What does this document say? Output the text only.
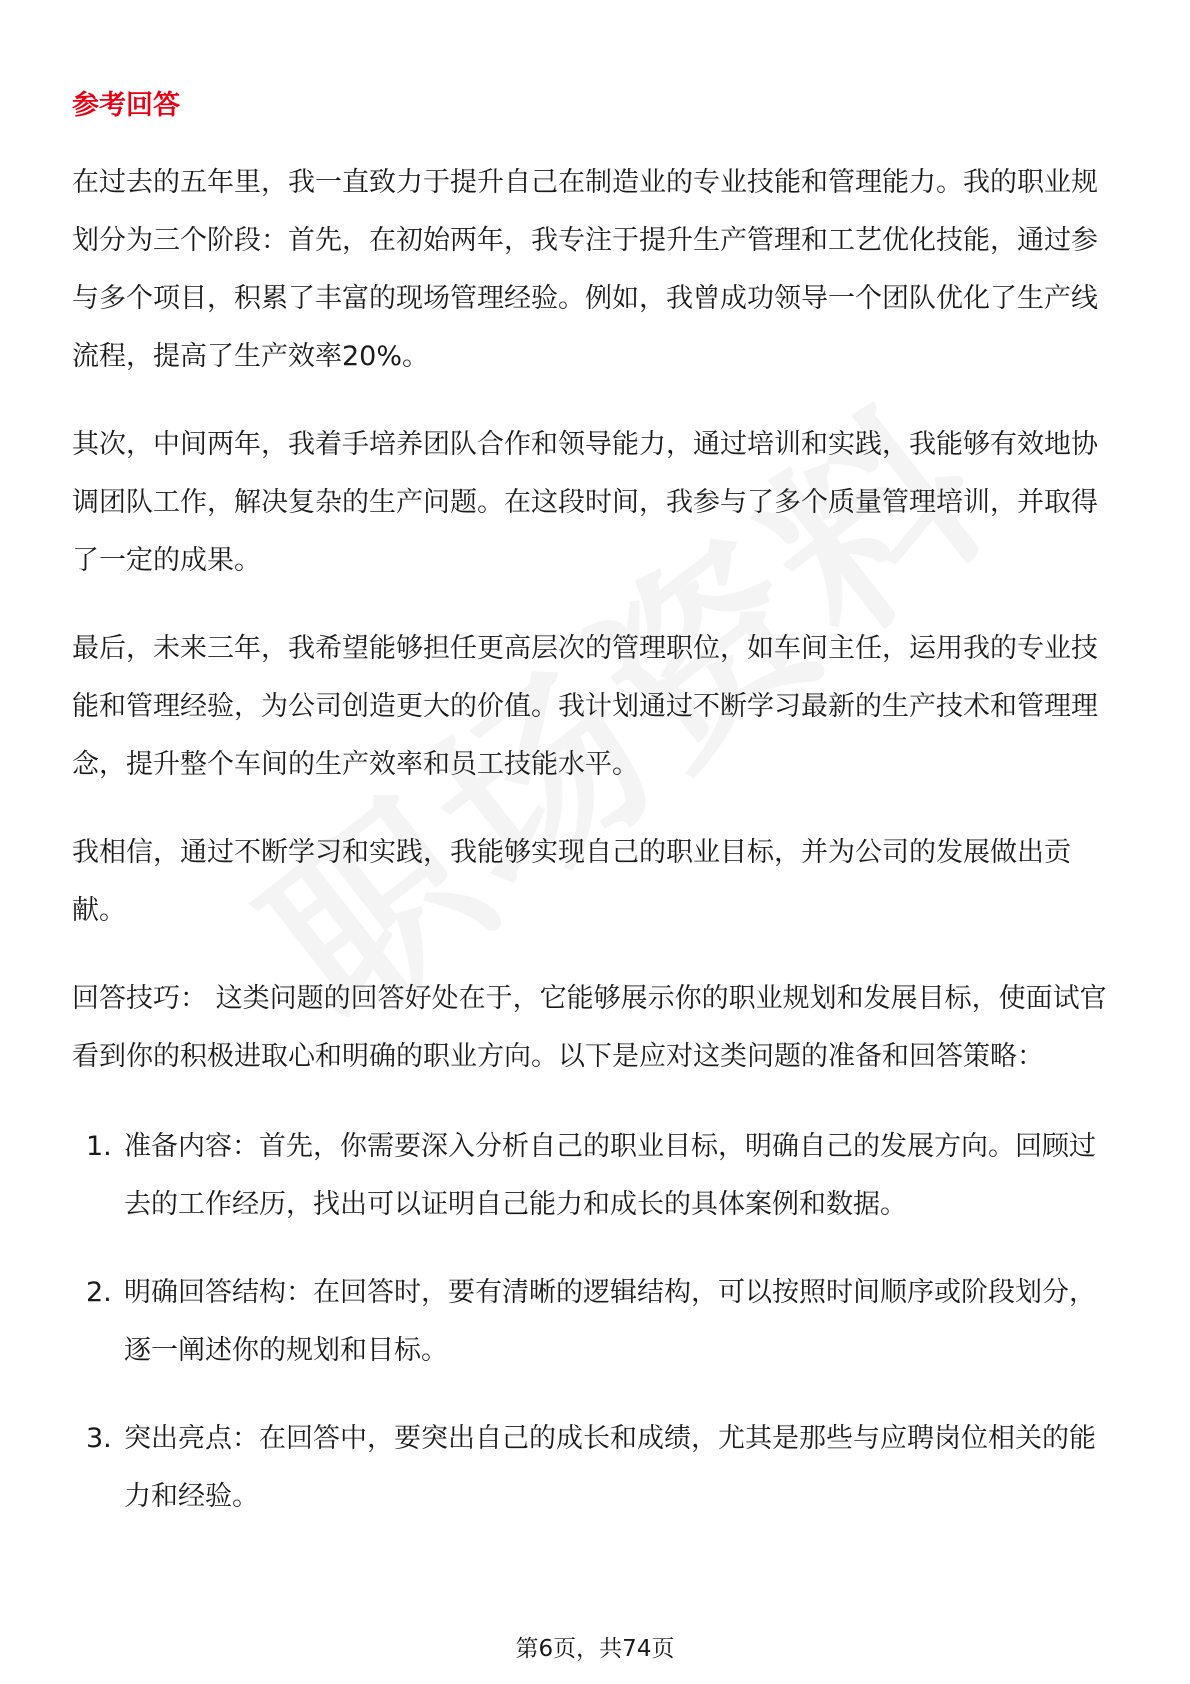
参考回答

在过去的五年里，我一直致力于提升自己在制造业的专业技能和管理能力。我的职业规划分为三个阶段：首先，在初始两年，我专注于提升生产管理和工艺优化技能，通过参与多个项目，积累了丰富的现场管理经验。例如，我曾成功领导一个团队优化了生产线流程，提高了生产效率20%。

其次，中间两年，我着手培养团队合作和领导能力，通过培训和实践，我能够有效地协调团队工作，解决复杂的生产问题。在这段时间，我参与了多个质量管理培训，并取得了一定的成果。

最后，未来三年，我希望能够担任更高层次的管理职位，如车间主任，运用我的专业技能和管理经验，为公司创造更大的价值。我计划通过不断学习最新的生产技术和管理理念，提升整个车间的生产效率和员工技能水平。

我相信，通过不断学习和实践，我能够实现自己的职业目标，并为公司的发展做出贡献。

回答技巧： 这类问题的回答好处在于，它能够展示你的职业规划和发展目标，使面试官看到你的积极进取心和明确的职业方向。以下是应对这类问题的准备和回答策略：

1. 准备内容：首先，你需要深入分析自己的职业目标，明确自己的发展方向。回顾过去的工作经历，找出可以证明自己能力和成长的具体案例和数据。
2. 明确回答结构：在回答时，要有清晰的逻辑结构，可以按照时间顺序或阶段划分，逐一阐述你的规划和目标。
3. 突出亮点：在回答中，要突出自己的成长和成绩，尤其是那些与应聘岗位相关的能力和经验。
第6页，共74页
